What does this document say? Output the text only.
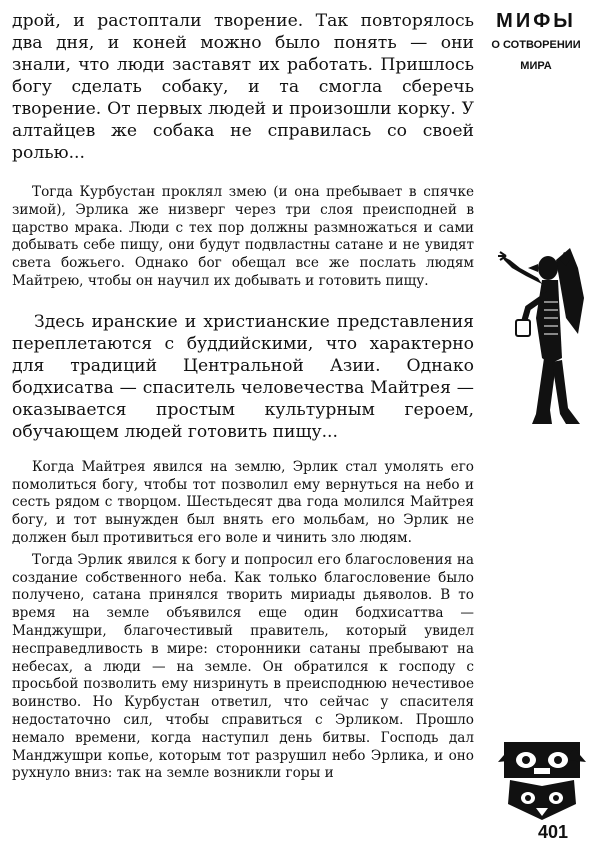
МИФЫ
О СОТВОРЕНИИ
МИРА

дрой, и растоптали творение. Так повторялось два дня, и коней можно было понять — они знали, что люди заставят их работать. Пришлось богу сделать собаку, и та смогла сберечь творение. От первых людей и произошли корку. У алтайцев же собака не справилась со своей ролью...

Тогда Курбустан проклял змею (и она пребывает в спячке зимой), Эрлика же низверг через три слоя преисподней в царство мрака. Люди с тех пор должны размножаться и сами добывать себе пищу, они будут подвластны сатане и не увидят света божьего. Однако бог обещал все же послать людям Майтрею, чтобы он научил их добывать и готовить пищу.

Здесь иранские и христианские представления переплетаются с буддийскими, что характерно для традиций Центральной Азии. Однако бодхисатва — спаситель человечества Майтрея — оказывается простым культурным героем, обучающем людей готовить пищу...

Когда Майтрея явился на землю, Эрлик стал умолять его помолиться богу, чтобы тот позволил ему вернуться на небо и сесть рядом с творцом. Шестьдесят два года молился Майтрея богу, и тот вынужден был внять его мольбам, но Эрлик не должен был противиться его воле и чинить зло людям.

Тогда Эрлик явился к богу и попросил его благословения на создание собственного неба. Как только благословение было получено, сатана принялся творить мириады дьяволов. В то время на земле объявился еще один бодхисаттва — Манджушри, благочестивый правитель, который увидел несправедливость в мире: сторонники сатаны пребывают на небесах, а люди — на земле. Он обратился к господу с просьбой позволить ему низринуть в преисподнюю нечестивое воинство. Но Курбустан ответил, что сейчас у спасителя недостаточно сил, чтобы справиться с Эрликом. Прошло немало времени, когда наступил день битвы. Господь дал Манджушри копье, которым тот разрушил небо Эрлика, и оно рухнуло вниз: так на земле возникли горы и

401
